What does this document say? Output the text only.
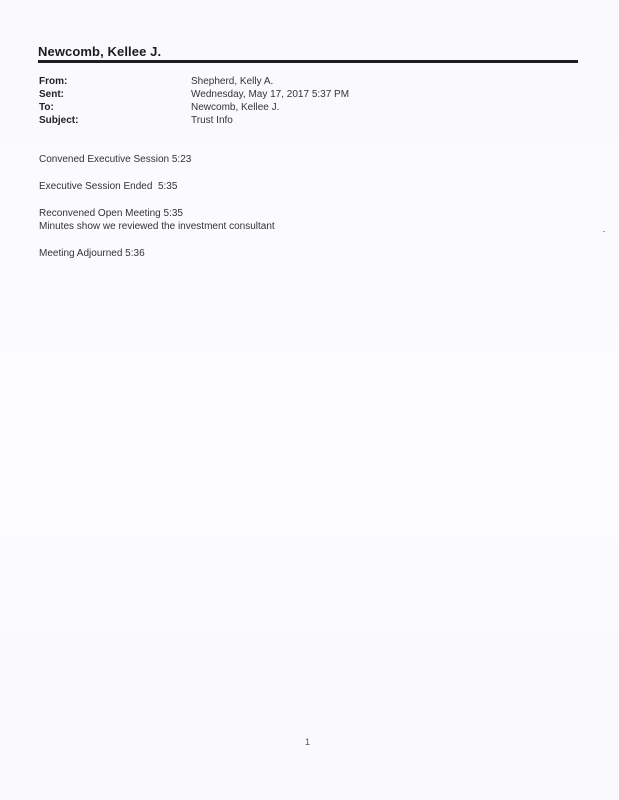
Newcomb, Kellee J.
From:	Shepherd, Kelly A.
Sent:	Wednesday, May 17, 2017 5:37 PM
To:	Newcomb, Kellee J.
Subject:	Trust Info
Convened Executive Session 5:23
Executive Session Ended  5:35
Reconvened Open Meeting 5:35
Minutes show we reviewed the investment consultant
Meeting Adjourned 5:36
1
